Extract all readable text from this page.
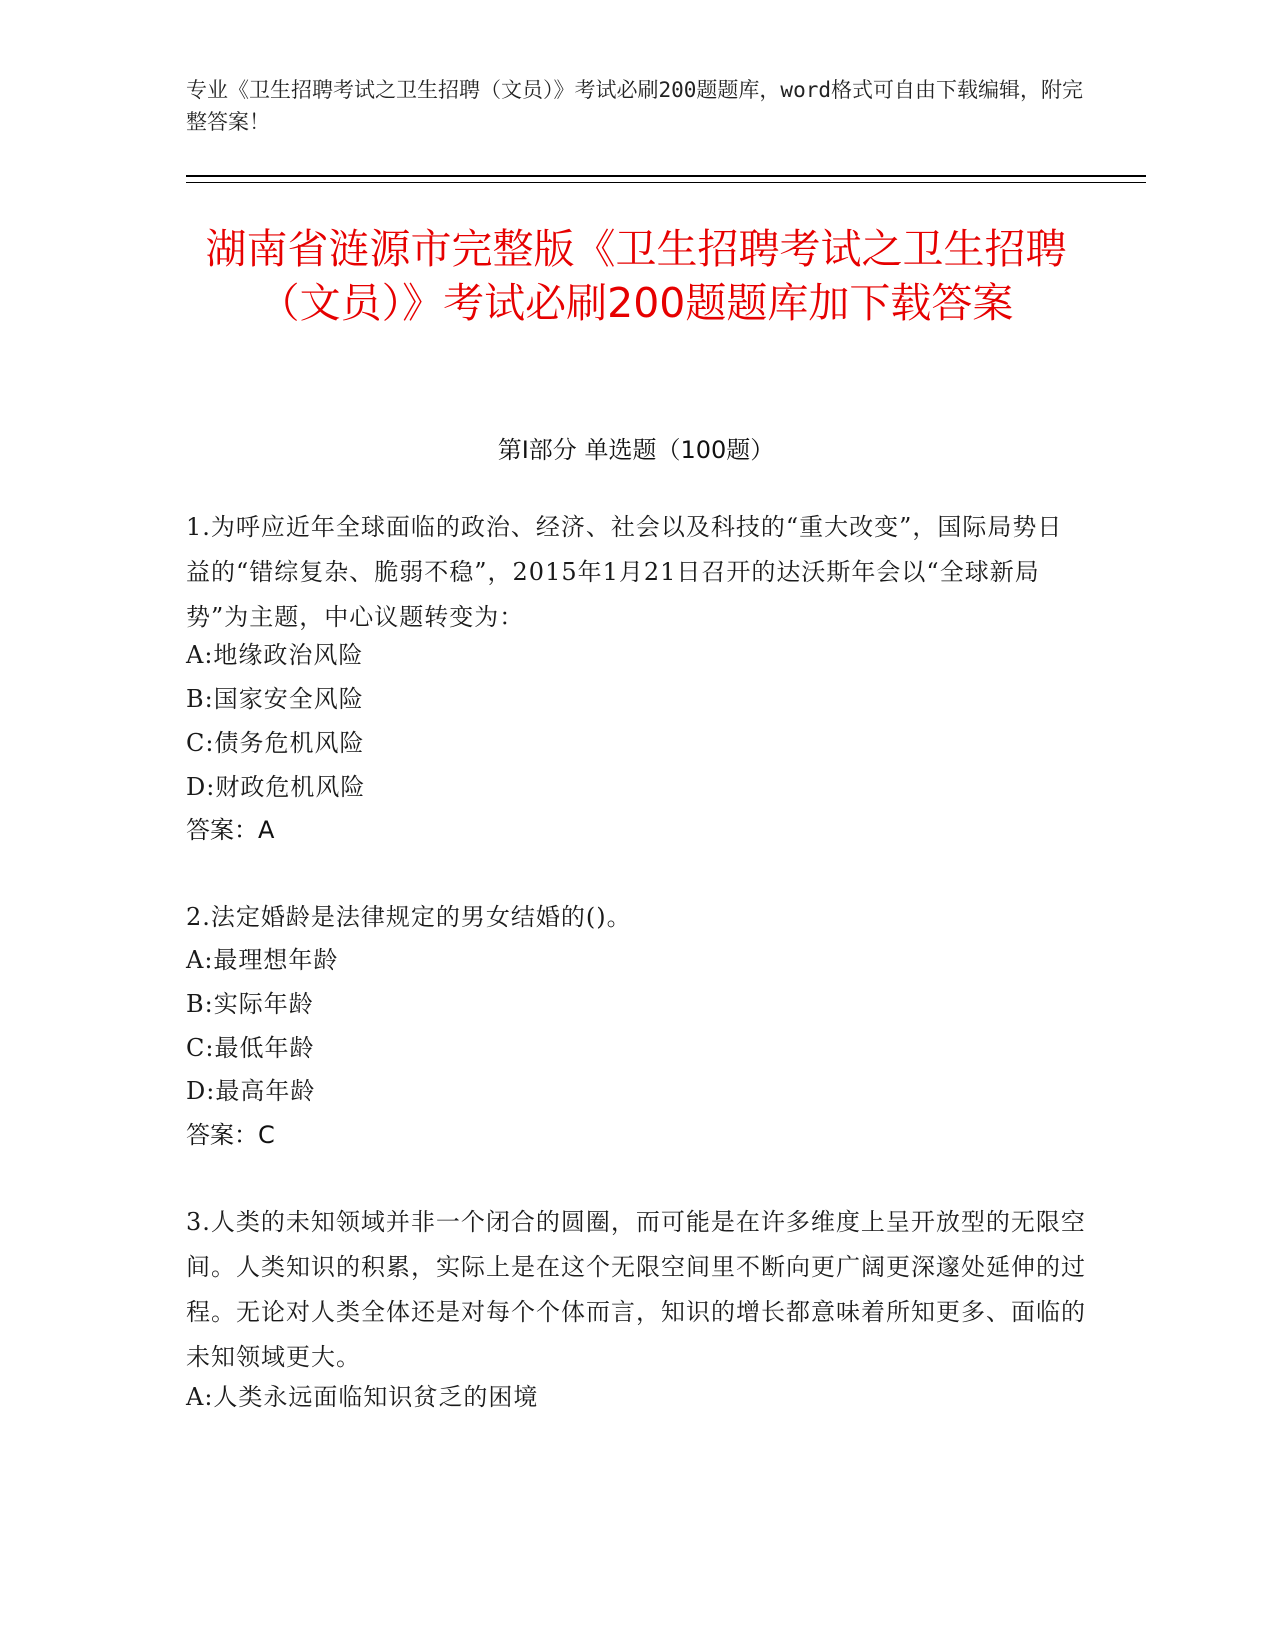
专业《卫生招聘考试之卫生招聘（文员）》考试必刷200题题库，word格式可自由下载编辑，附完整答案！
湖南省涟源市完整版《卫生招聘考试之卫生招聘（文员）》考试必刷200题题库加下载答案
第I部分 单选题（100题）
1.为呼应近年全球面临的政治、经济、社会以及科技的“重大改变”，国际局势日益的“错综复杂、脆弱不稳”，2015年1月21日召开的达沃斯年会以“全球新局势”为主题，中心议题转变为：
A:地缘政治风险
B:国家安全风险
C:债务危机风险
D:财政危机风险
答案：A
2.法定婚龄是法律规定的男女结婚的()。
A:最理想年龄
B:实际年龄
C:最低年龄
D:最高年龄
答案：C
3.人类的未知领域并非一个闭合的圆圈，而可能是在许多维度上呈开放型的无限空间。人类知识的积累，实际上是在这个无限空间里不断向更广阔更深邃处延伸的过程。无论对人类全体还是对每个个体而言，知识的增长都意味着所知更多、面临的未知领域更大。
A:人类永远面临知识贫乏的困境
